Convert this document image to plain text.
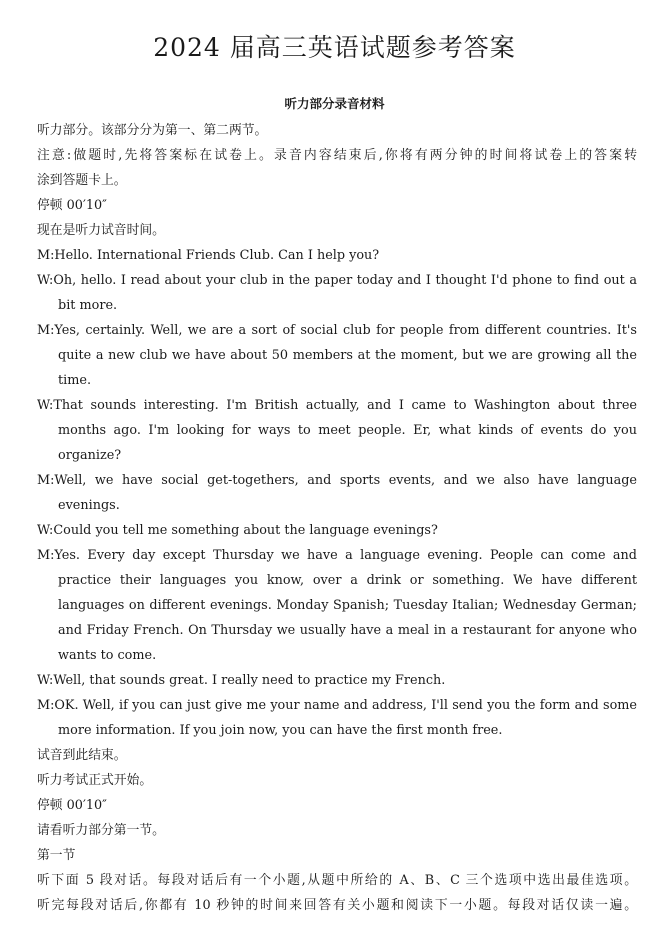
2024 届高三英语试题参考答案
听力部分录音材料
听力部分。该部分分为第一、第二两节。
注意:做题时,先将答案标在试卷上。录音内容结束后,你将有两分钟的时间将试卷上的答案转
涂到答题卡上。
停顿 00′10″
现在是听力试音时间。
M:Hello. International Friends Club. Can I help you?
W:Oh, hello. I read about your club in the paper today and I thought I'd phone to find out a bit more.
M:Yes, certainly. Well, we are a sort of social club for people from different countries. It's quite a new club we have about 50 members at the moment, but we are growing all the time.
W:That sounds interesting. I'm British actually, and I came to Washington about three months ago. I'm looking for ways to meet people. Er, what kinds of events do you organize?
M:Well, we have social get-togethers, and sports events, and we also have language evenings.
W:Could you tell me something about the language evenings?
M:Yes. Every day except Thursday we have a language evening. People can come and practice their languages you know, over a drink or something. We have different languages on different evenings. Monday Spanish; Tuesday Italian; Wednesday German; and Friday French. On Thursday we usually have a meal in a restaurant for anyone who wants to come.
W:Well, that sounds great. I really need to practice my French.
M:OK. Well, if you can just give me your name and address, I'll send you the form and some more information. If you join now, you can have the first month free.
试音到此结束。
听力考试正式开始。
停顿 00′10″
请看听力部分第一节。
第一节
听下面 5 段对话。每段对话后有一个小题,从题中所给的 A、B、C 三个选项中选出最佳选项。
听完每段对话后,你都有 10 秒钟的时间来回答有关小题和阅读下一小题。每段对话仅读一遍。
